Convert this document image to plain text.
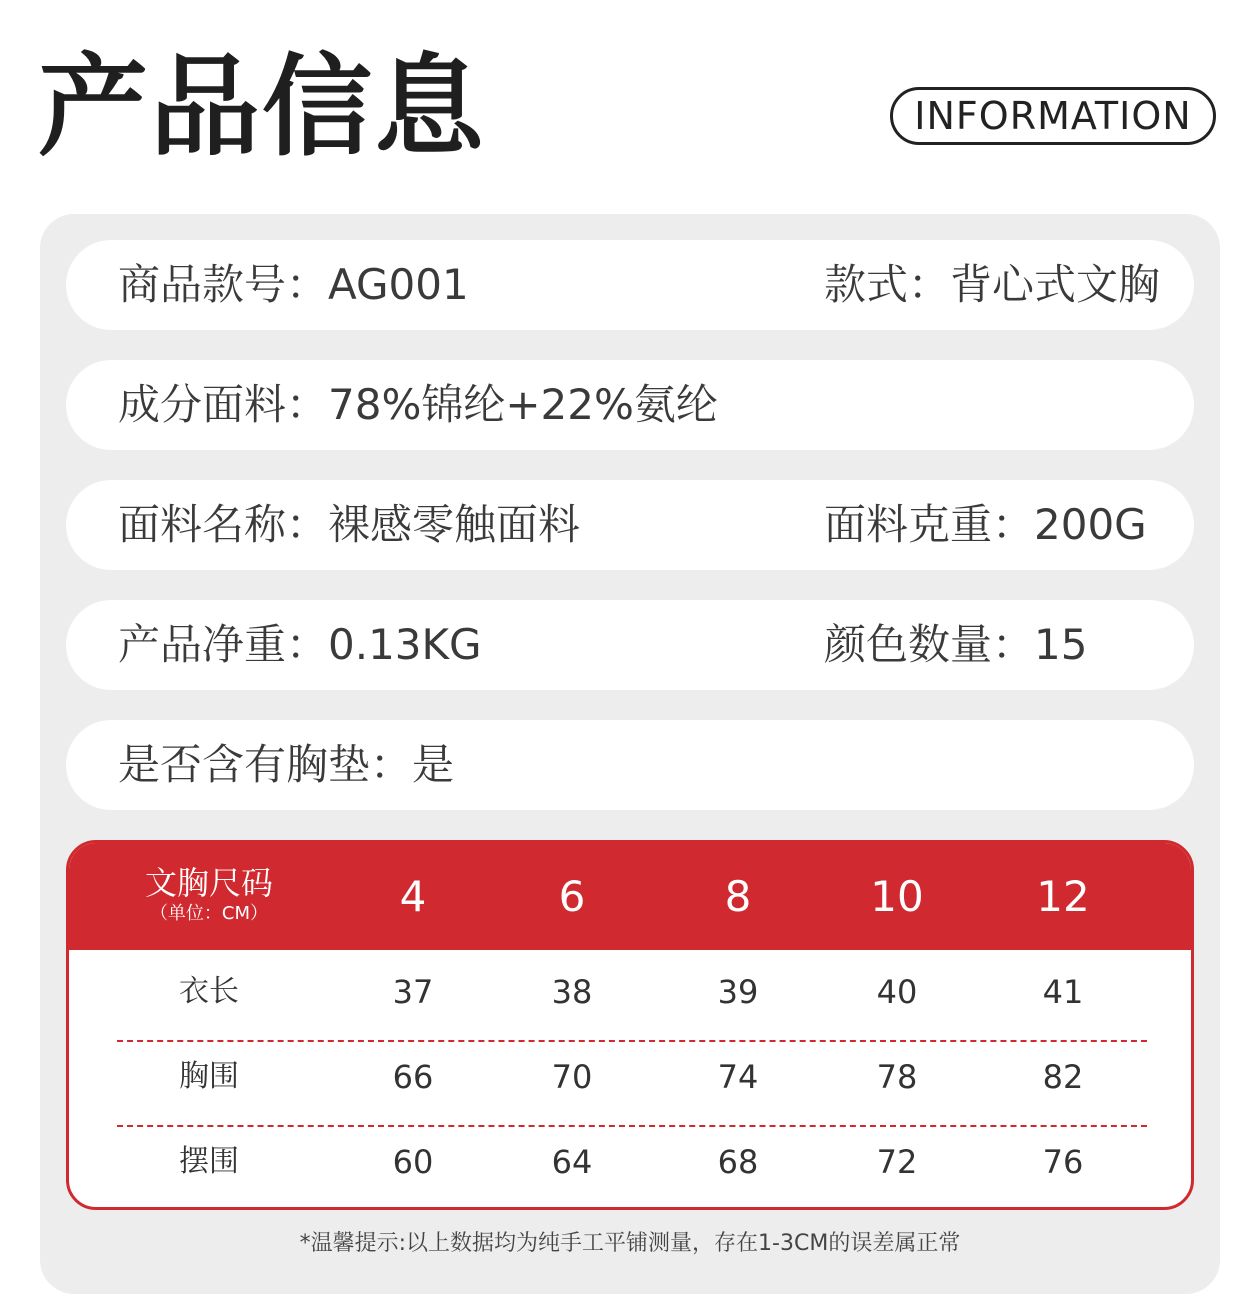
产品信息	INFORMATION
商品款号：AG001	款式：背心式文胸
成分面料：78%锦纶+22%氨纶
面料名称：裸感零触面料	面料克重：200G
产品净重：0.13KG	颜色数量：15
是否含有胸垫：是
文胸尺码
（单位：CM）	4	6	8	10	12
衣长	37	38	39	40	41
胸围	66	70	74	78	82
摆围	60	64	68	72	76
*温馨提示:以上数据均为纯手工平铺测量，存在1-3CM的误差属正常
